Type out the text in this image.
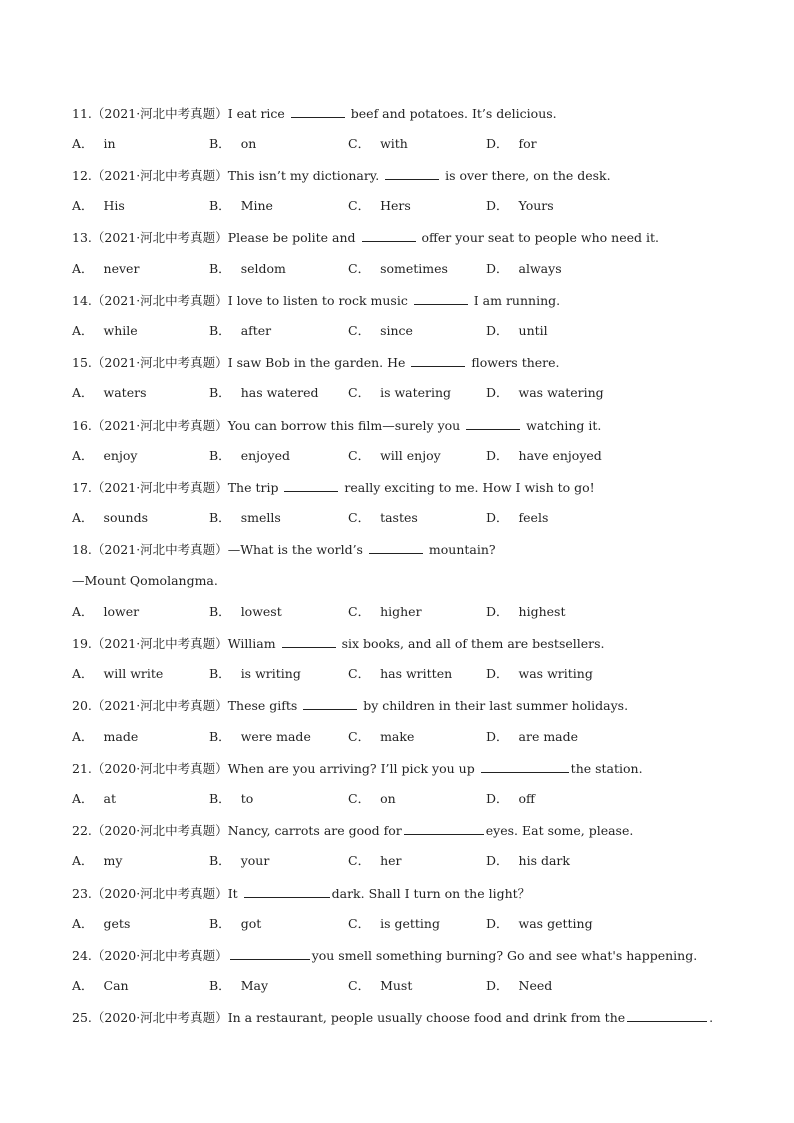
11.（2021·河北中考真题）I eat rice	beef and potatoes. It’s delicious.
A． in	B． on	C． with	D． for
12.（2021·河北中考真题）This isn’t my dictionary.	is over there, on the desk.
A． His	B． Mine	C． Hers	D． Yours
13.（2021·河北中考真题）Please be polite and	offer your seat to people who need it.
A． never	B． seldom	C． sometimes	D． always
14.（2021·河北中考真题）I love to listen to rock music	I am running.
A． while	B． after	C． since	D． until
15.（2021·河北中考真题）I saw Bob in the garden. He	flowers there.
A． waters	B． has watered C． is watering	D． was watering
16.（2021·河北中考真题）You can borrow this film—surely you	watching it.
A． enjoy	B． enjoyed	C． will enjoy	D． have enjoyed
17.（2021·河北中考真题）The trip	really exciting to me. How I wish to go!
A． sounds	B． smells	C． tastes	D． feels
18.（2021·河北中考真题）—What is the world’s	mountain?
—Mount Qomolangma.
A． lower	B． lowest	C． higher	D． highest
19.（2021·河北中考真题）William	six books, and all of them are bestsellers.
A． will write	B． is writing	C． has written	D． was writing
20.（2021·河北中考真题）These gifts	by children in their last summer holidays.
A． made	B． were made	C． make	D． are made
21.（2020·河北中考真题）When are you arriving? I’ll pick you up	the station.
A． at	B． to	C． on	D． off
22.（2020·河北中考真题）Nancy, carrots are good for	eyes. Eat some, please.
A． my	B． your	C． her	D． his dark
23.（2020·河北中考真题）It	dark. Shall I turn on the light？
A． gets	B． got	C． is getting	D． was getting
24.（2020·河北中考真题）	you smell something burning? Go and see what's happening.
A． Can	B． May	C． Must	D． Need
25.（2020·河北中考真题）In a restaurant, people usually choose food and drink from the	.
